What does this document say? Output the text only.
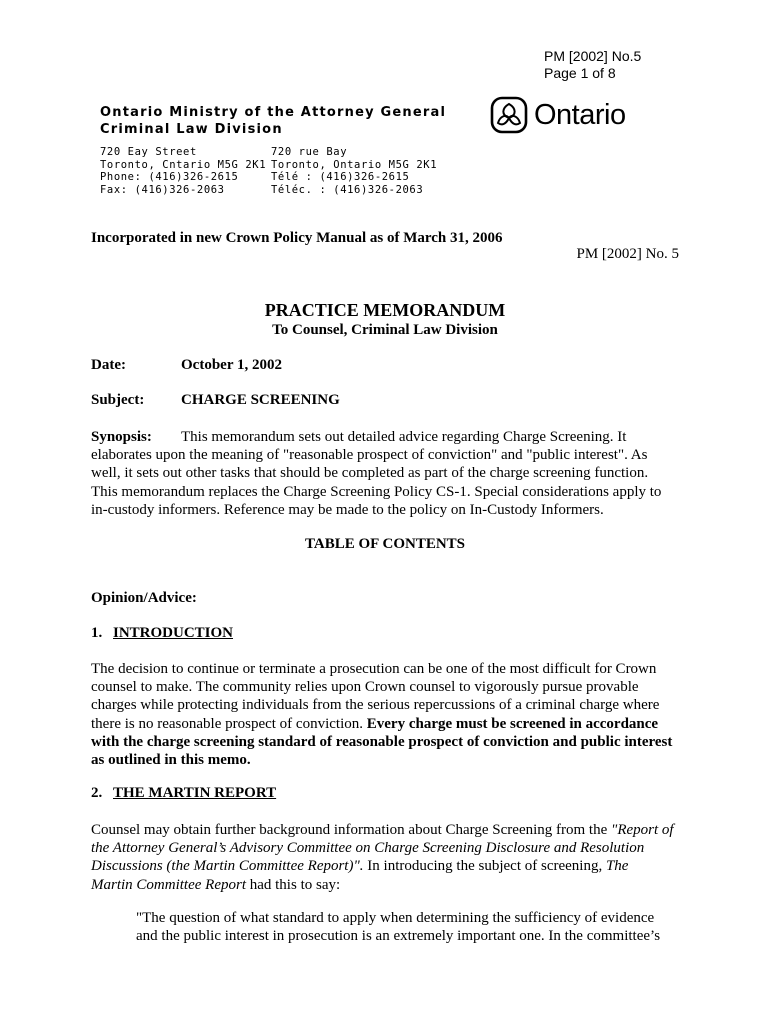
PM [2002] No.5
Page 1 of 8
Ontario Ministry of the Attorney General
Criminal Law Division
720 Eay Street
Toronto, Cntario M5G 2K1
Phone: (416)326-2615
Fax: (416)326-2063
720 rue Bay
Toronto, Ontario M5G 2K1
Télé : (416)326-2615
Téléc. : (416)326-2063
Ontario
Incorporated in new Crown Policy Manual as of March 31, 2006
PM [2002] No. 5
PRACTICE MEMORANDUM
To Counsel, Criminal Law Division
Date:	October 1, 2002
Subject: CHARGE SCREENING
Synopsis: This memorandum sets out detailed advice regarding Charge Screening. It
elaborates upon the meaning of "reasonable prospect of conviction" and "public interest". As
well, it sets out other tasks that should be completed as part of the charge screening function.
This memorandum replaces the Charge Screening Policy CS-1. Special considerations apply to
in-custody informers. Reference may be made to the policy on In-Custody Informers.
TABLE OF CONTENTS
Opinion/Advice:
1. INTRODUCTION
The decision to continue or terminate a prosecution can be one of the most difficult for Crown
counsel to make. The community relies upon Crown counsel to vigorously pursue provable
charges while protecting individuals from the serious repercussions of a criminal charge where
there is no reasonable prospect of conviction. Every charge must be screened in accordance
with the charge screening standard of reasonable prospect of conviction and public interest
as outlined in this memo.
2. THE MARTIN REPORT
Counsel may obtain further background information about Charge Screening from the "Report of
the Attorney General’s Advisory Committee on Charge Screening Disclosure and Resolution
Discussions (the Martin Committee Report)". In introducing the subject of screening, The
Martin Committee Report had this to say:
"The question of what standard to apply when determining the sufficiency of evidence
and the public interest in prosecution is an extremely important one. In the committee’s
